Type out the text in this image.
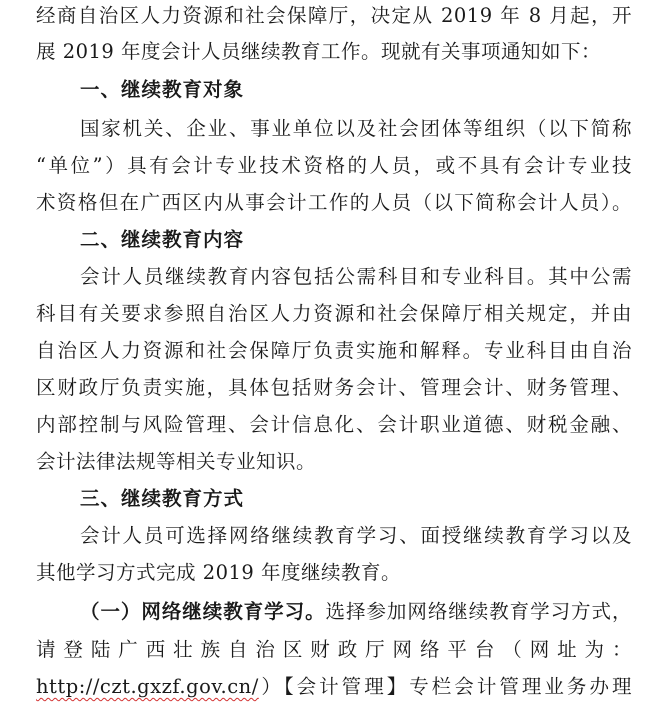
经商自治区人力资源和社会保障厅，决定从 2019 年 8 月起，开
展 2019 年度会计人员继续教育工作。现就有关事项通知如下：
一、继续教育对象
国家机关、企业、事业单位以及社会团体等组织（以下简称
“单位”）具有会计专业技术资格的人员，或不具有会计专业技
术资格但在广西区内从事会计工作的人员（以下简称会计人员）。
二、继续教育内容
会计人员继续教育内容包括公需科目和专业科目。其中公需
科目有关要求参照自治区人力资源和社会保障厅相关规定，并由
自治区人力资源和社会保障厅负责实施和解释。专业科目由自治
区财政厅负责实施，具体包括财务会计、管理会计、财务管理、
内部控制与风险管理、会计信息化、会计职业道德、财税金融、
会计法律法规等相关专业知识。
三、继续教育方式
会计人员可选择网络继续教育学习、面授继续教育学习以及
其他学习方式完成 2019 年度继续教育。
（一）网络继续教育学习。选择参加网络继续教育学习方式，
请登陆广西壮族自治区财政厅网络平台（网址为：
http://czt.gxzf.gov.cn/）【会计管理】专栏会计管理业务办理
